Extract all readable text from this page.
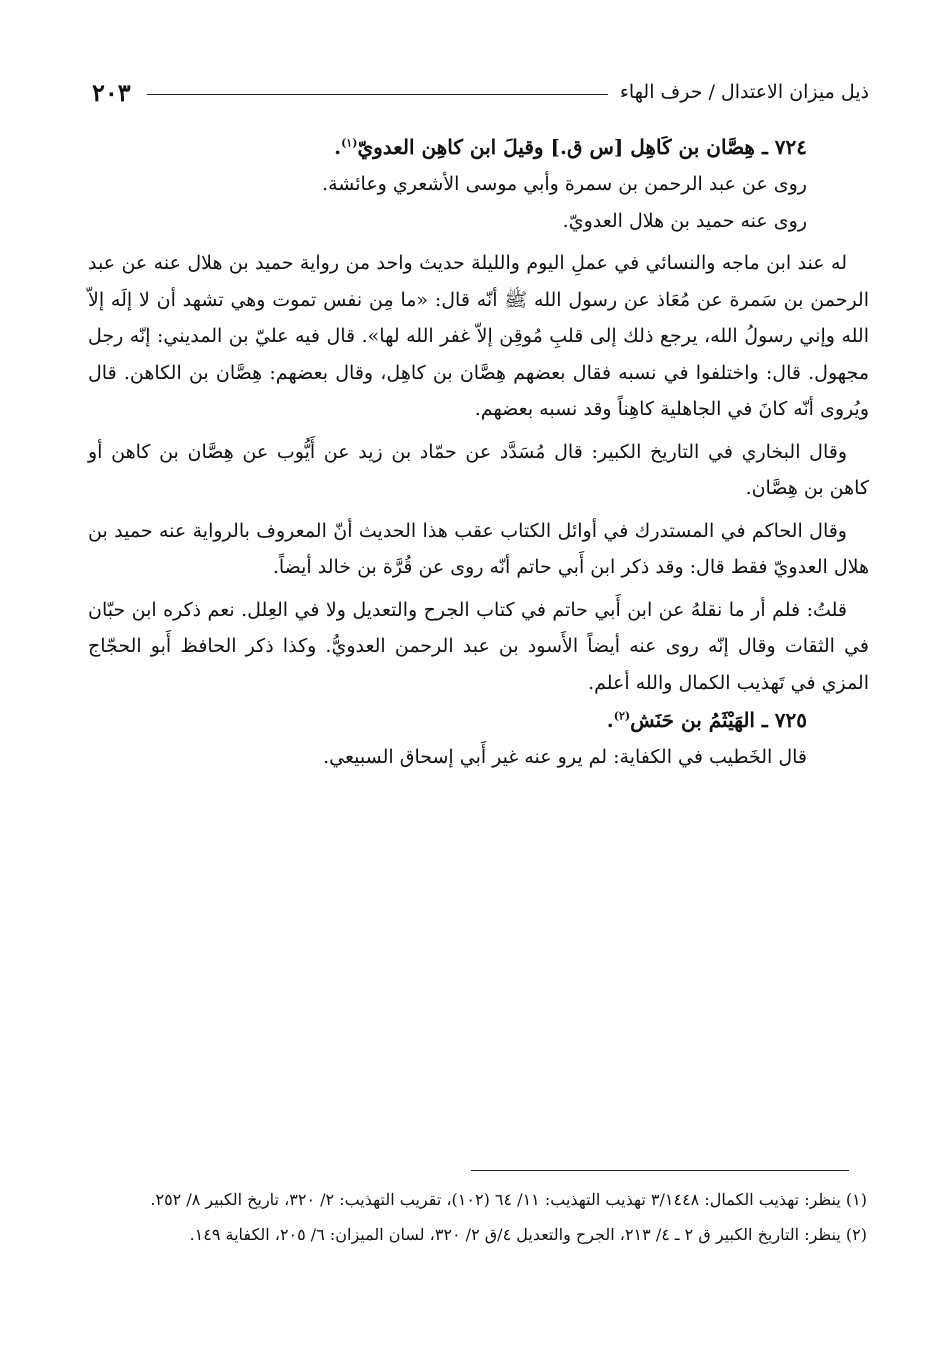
ذيل ميزان الاعتدال / حرف الهاء
٢٠٣

٧٢٤ ـ هِصَّان بن كَاهِل [س ق.] وقيلَ ابن كاهِن العدويّ$^{(١)}$.

روى عن عبد الرحمن بن سمرة وأبي موسى الأشعري وعائشة.

روى عنه حميد بن هلال العدويّ.

له عند ابن ماجه والنسائي في عملِ اليوم والليلة حديث واحد من رواية حميد بن هلال عنه عن عبد الرحمن بن سَمرة عن مُعَاذ عن رسول الله ﷺ أنّه قال: «ما مِن نفس تموت وهي تشهد أن لا إلَه إلاّ الله وإني رسولُ الله، يرجع ذلك إلى قلبِ مُوقِن إلاّ غفر الله لها». قال فيه عليّ بن المديني: إنّه رجل مجهول. قال: واختلفوا في نسبه فقال بعضهم هِصَّان بن كاهِل، وقال بعضهم: هِصَّان بن الكاهن. قال ويُروى أنّه كانَ في الجاهلية كاهِناً وقد نسبه بعضهم.

وقال البخاري في التاريخ الكبير: قال مُسَدَّد عن حمّاد بن زيد عن أَيُّوب عن هِصَّان بن كاهن أو كاهن بن هِصَّان.

وقال الحاكم في المستدرك في أوائل الكتاب عقب هذا الحديث أنّ المعروف بالرواية عنه حميد بن هلال العدويّ فقط قال: وقد ذكر ابن أَبي حاتم أنّه روى عن قُرَّة بن خالد أيضاً.

قلتُ: فلم أر ما نقلهُ عن ابن أَبي حاتم في كتاب الجرح والتعديل ولا في العِلل. نعم ذكره ابن حبّان في الثقات وقال إنّه روى عنه أيضاً الأَسود بن عبد الرحمن العدويُّ. وكذا ذكر الحافظ أَبو الحجّاج المزي في تَهذيب الكمال والله أعلم.

٧٢٥ ـ الهَيْثَمُ بن حَنَش$^{(٢)}$.

قال الخَطيب في الكفاية: لم يرو عنه غير أَبي إسحاق السبيعي.

(١) ينظر: تهذيب الكمال: ٣/١٤٤٨ تهذيب التهذيب: ١١/ ٦٤ (١٠٢)، تقريب التهذيب: ٢/ ٣٢٠، تاريخ الكبير ٨/ ٢٥٢.

(٢) ينظر: التاريخ الكبير ق ٢ ـ ٤/ ٢١٣، الجرح والتعديل ٤/ق ٢/ ٣٢٠، لسان الميزان: ٦/ ٢٠٥، الكفاية ١٤٩.
